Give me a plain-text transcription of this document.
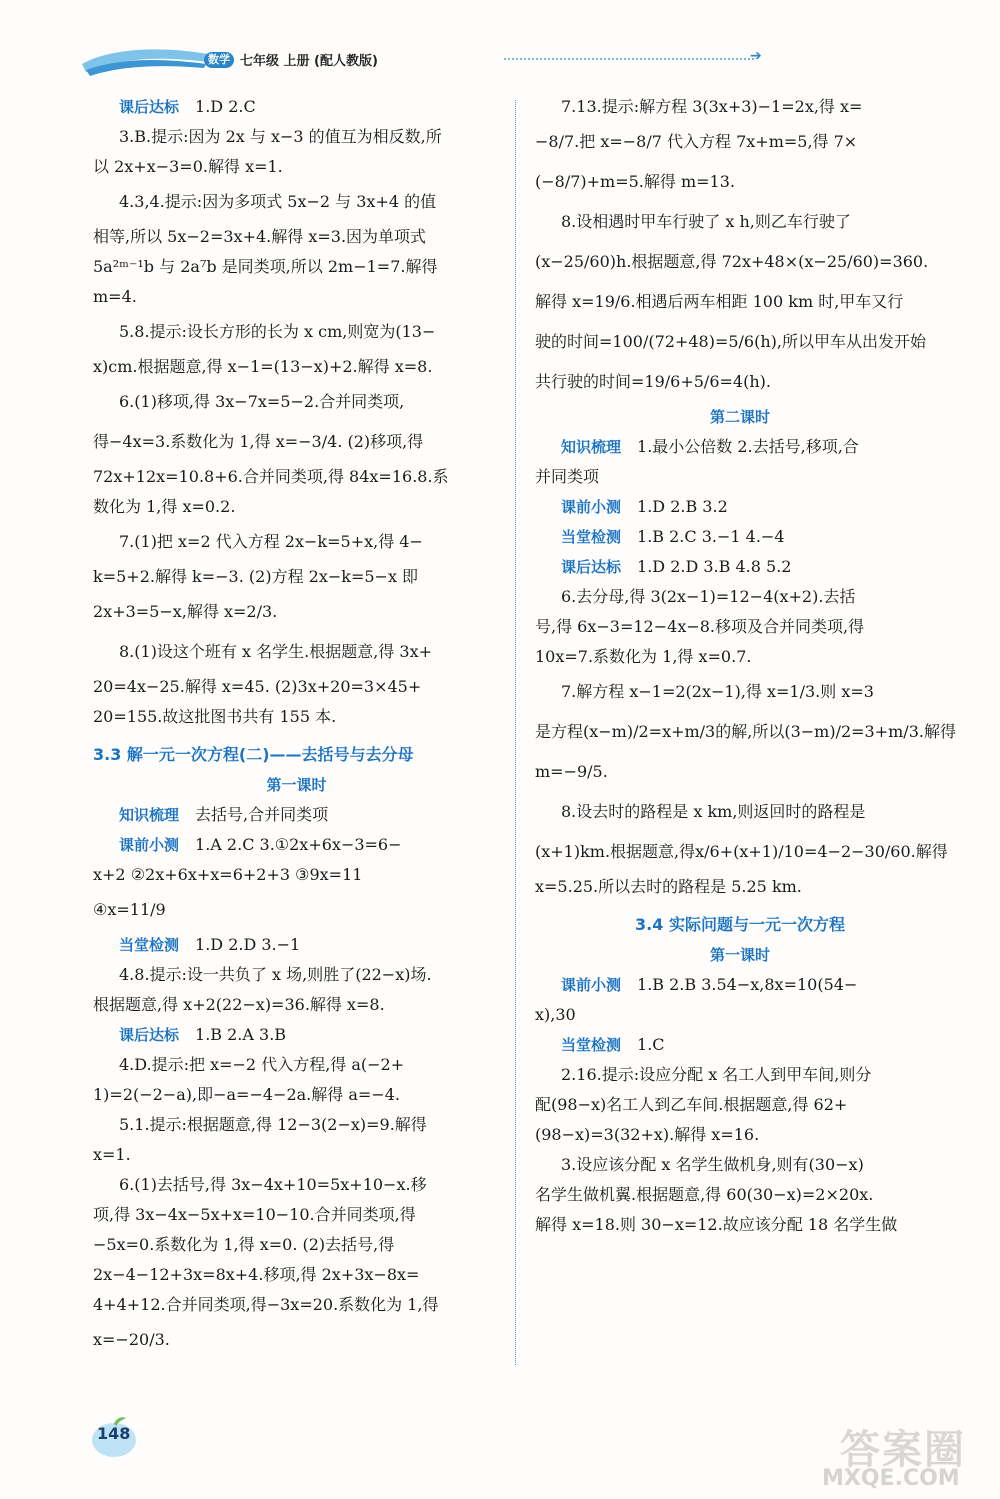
数学 七年级 上册 (配人教版)	➔
课后达标 1.D 2.C
3.B.提示:因为 2x 与 x−3 的值互为相反数,所
以 2x+x−3=0.解得 x=1.
4.3,4.提示:因为多项式 5x−2 与 3x+4 的值
相等,所以 5x−2=3x+4.解得 x=3.因为单项式
5a²ᵐ⁻¹b 与 2a⁷b 是同类项,所以 2m−1=7.解得
m=4.
5.8.提示:设长方形的长为 x cm,则宽为(13−
x)cm.根据题意,得 x−1=(13−x)+2.解得 x=8.
6.(1)移项,得 3x−7x=5−2.合并同类项,
得−4x=3.系数化为 1,得 x=−3/4. (2)移项,得
72x+12x=10.8+6.合并同类项,得 84x=16.8.系
数化为 1,得 x=0.2.
7.(1)把 x=2 代入方程 2x−k=5+x,得 4−
k=5+2.解得 k=−3. (2)方程 2x−k=5−x 即
2x+3=5−x,解得 x=2/3.
8.(1)设这个班有 x 名学生.根据题意,得 3x+
20=4x−25.解得 x=45. (2)3x+20=3×45+
20=155.故这批图书共有 155 本.
3.3 解一元一次方程(二)——去括号与去分母
第一课时
知识梳理 去括号,合并同类项
课前小测 1.A 2.C 3.①2x+6x−3=6−
x+2 ②2x+6x+x=6+2+3 ③9x=11
④x=11/9
当堂检测 1.D 2.D 3.−1
4.8.提示:设一共负了 x 场,则胜了(22−x)场.
根据题意,得 x+2(22−x)=36.解得 x=8.
课后达标 1.B 2.A 3.B
4.D.提示:把 x=−2 代入方程,得 a(−2+
1)=2(−2−a),即−a=−4−2a.解得 a=−4.
5.1.提示:根据题意,得 12−3(2−x)=9.解得
x=1.
6.(1)去括号,得 3x−4x+10=5x+10−x.移
项,得 3x−4x−5x+x=10−10.合并同类项,得
−5x=0.系数化为 1,得 x=0. (2)去括号,得
2x−4−12+3x=8x+4.移项,得 2x+3x−8x=
4+4+12.合并同类项,得−3x=20.系数化为 1,得
x=−20/3.
7.13.提示:解方程 3(3x+3)−1=2x,得 x=
−8/7.把 x=−8/7 代入方程 7x+m=5,得 7×
(−8/7)+m=5.解得 m=13.
8.设相遇时甲车行驶了 x h,则乙车行驶了
(x−25/60)h.根据题意,得 72x+48×(x−25/60)=360.
解得 x=19/6.相遇后两车相距 100 km 时,甲车又行
驶的时间=100/(72+48)=5/6(h),所以甲车从出发开始
共行驶的时间=19/6+5/6=4(h).
第二课时
知识梳理 1.最小公倍数 2.去括号,移项,合
并同类项
课前小测 1.D 2.B 3.2
当堂检测 1.B 2.C 3.−1 4.−4
课后达标 1.D 2.D 3.B 4.8 5.2
6.去分母,得 3(2x−1)=12−4(x+2).去括
号,得 6x−3=12−4x−8.移项及合并同类项,得
10x=7.系数化为 1,得 x=0.7.
7.解方程 x−1=2(2x−1),得 x=1/3.则 x=3
是方程(x−m)/2=x+m/3的解,所以(3−m)/2=3+m/3.解得
m=−9/5.
8.设去时的路程是 x km,则返回时的路程是
(x+1)km.根据题意,得x/6+(x+1)/10=4−2−30/60.解得
x=5.25.所以去时的路程是 5.25 km.
3.4 实际问题与一元一次方程
第一课时
课前小测 1.B 2.B 3.54−x,8x=10(54−
x),30
当堂检测 1.C
2.16.提示:设应分配 x 名工人到甲车间,则分
配(98−x)名工人到乙车间.根据题意,得 62+
(98−x)=3(32+x).解得 x=16.
3.设应该分配 x 名学生做机身,则有(30−x)
名学生做机翼.根据题意,得 60(30−x)=2×20x.
解得 x=18.则 30−x=12.故应该分配 18 名学生做
148	答案圈
MXQE.COM
